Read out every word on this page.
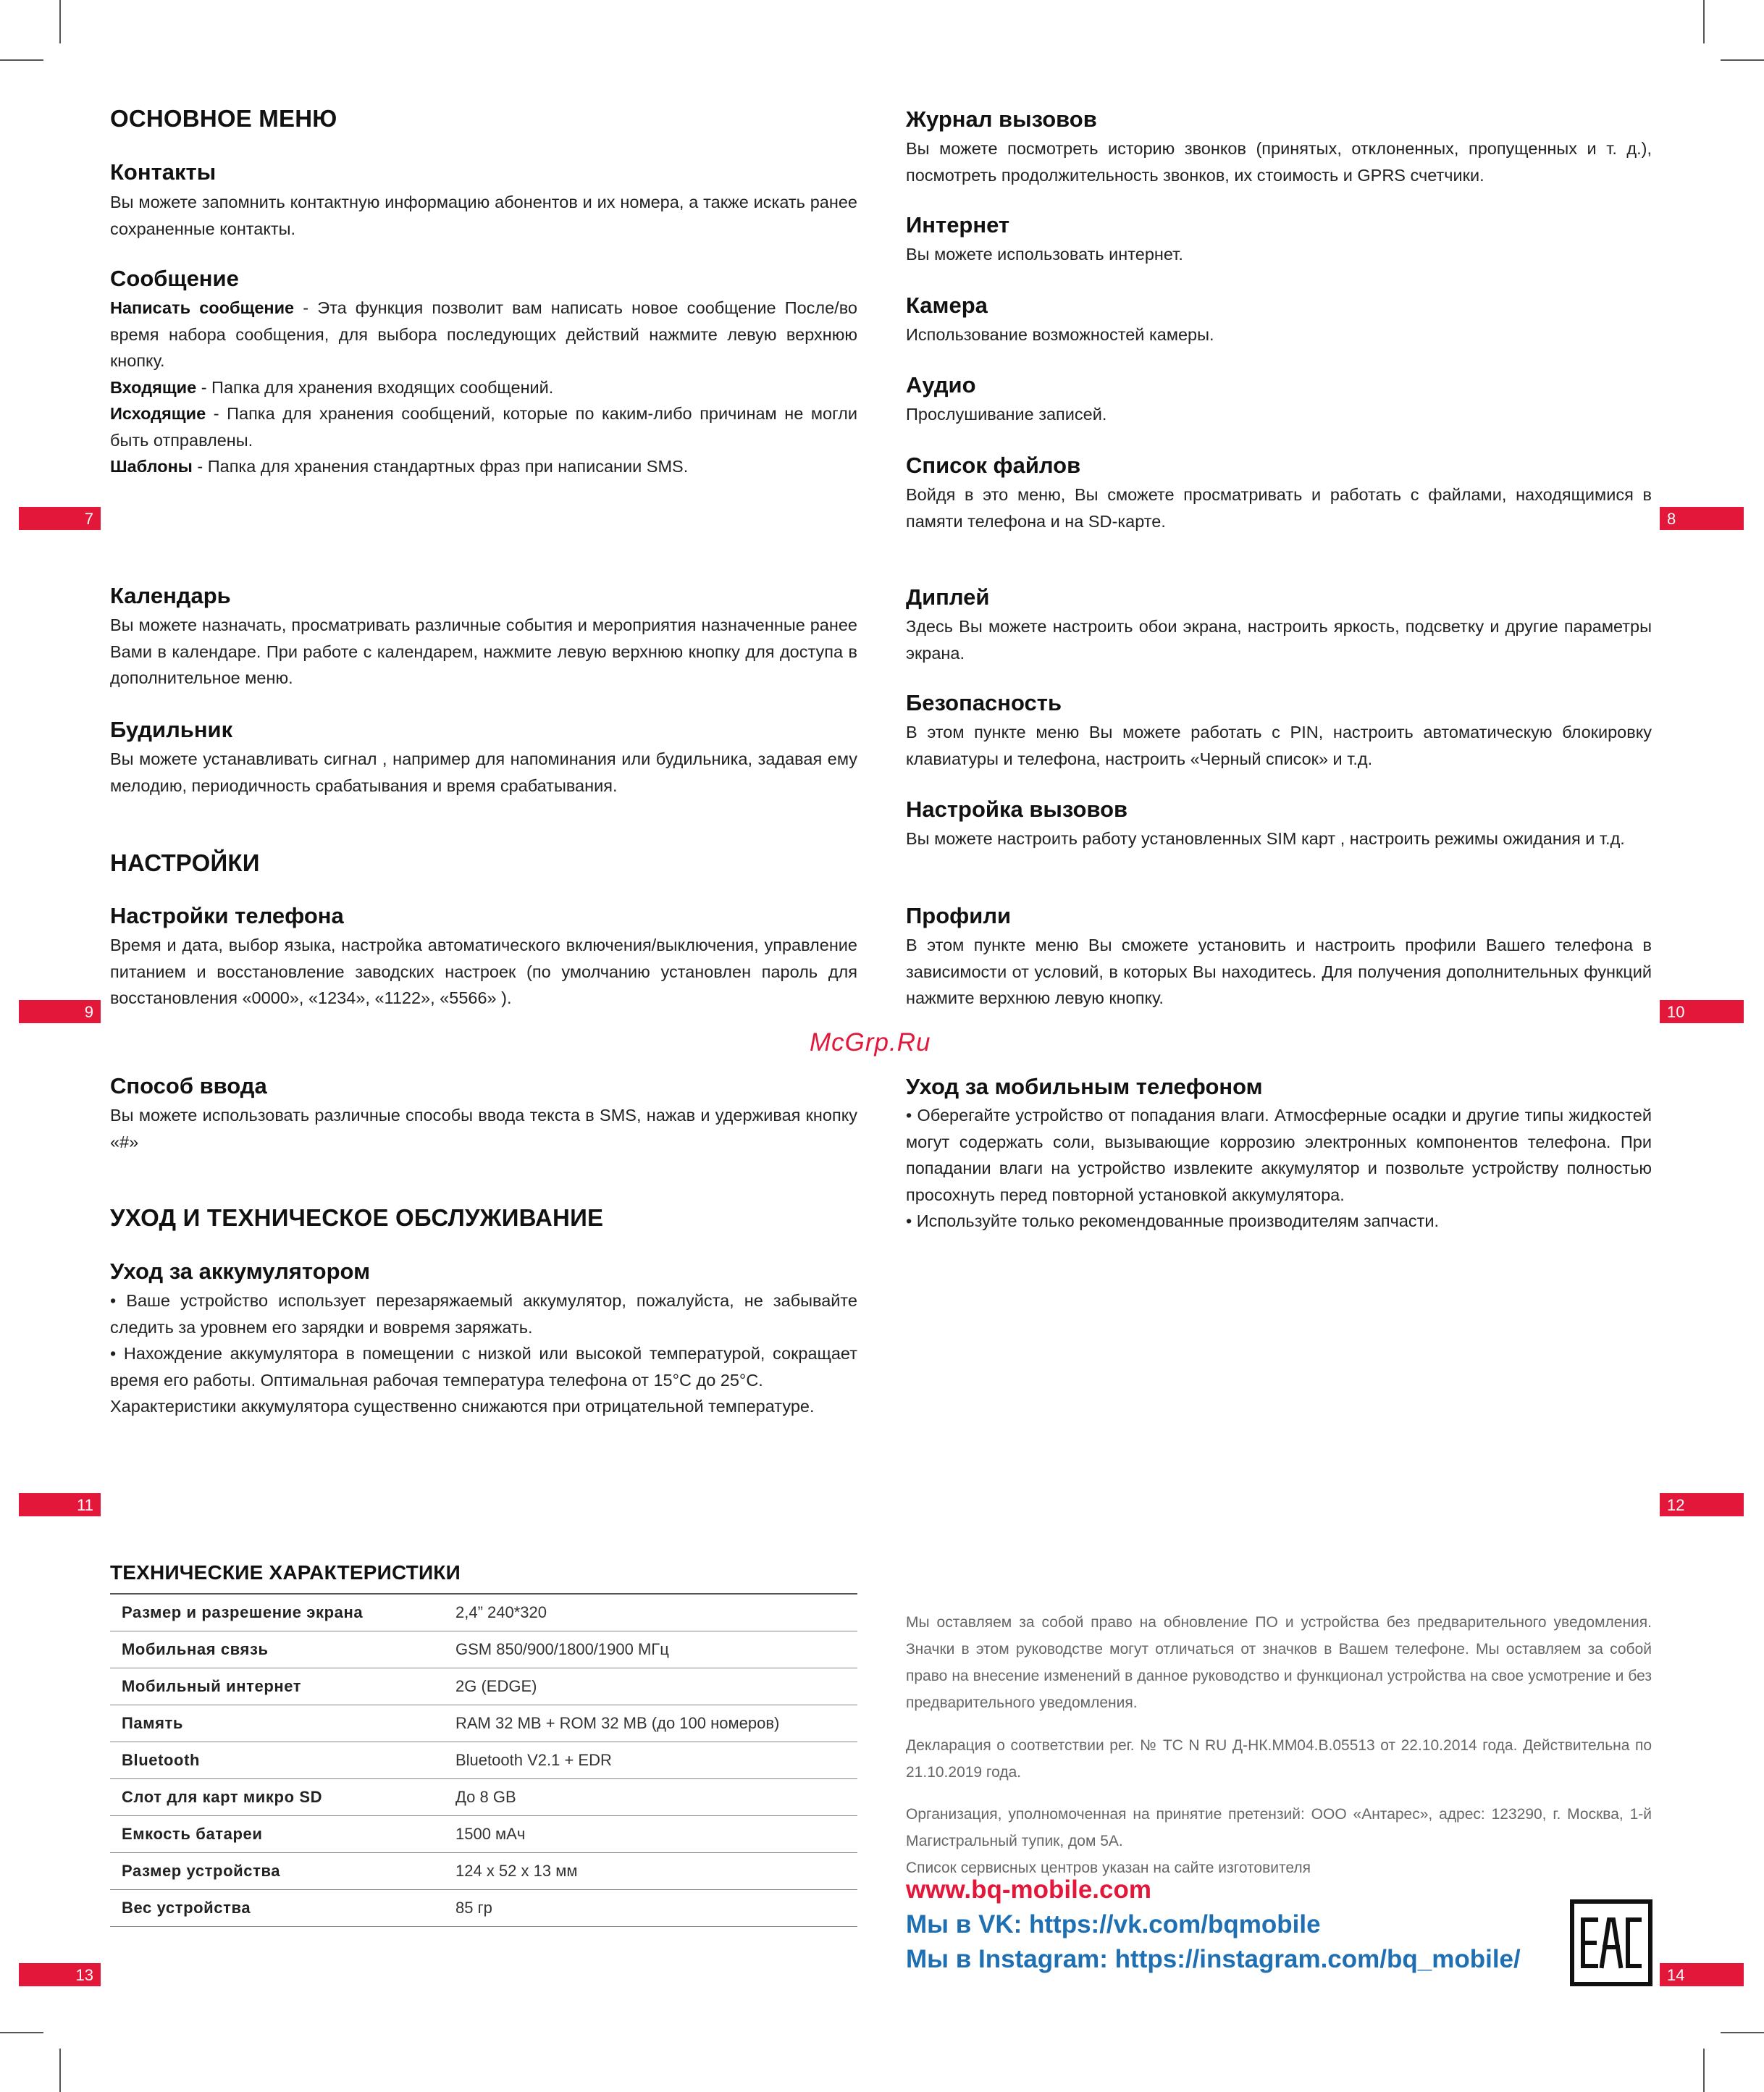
7	8
9	10
11	12
13	14
ОСНОВНОЕ МЕНЮ
Контакты
Вы можете запомнить контактную информацию абонентов и их номера, а также искать ранее сохраненные контакты.
Сообщение
Написать сообщение - Эта функция позволит вам написать новое сообщение После/во время набора сообщения, для выбора последующих действий нажмите левую верхнюю кнопку.
Входящие - Папка для хранения входящих сообщений.
Исходящие - Папка для хранения сообщений, которые по каким-либо причинам не могли быть отправлены.
Шаблоны - Папка для хранения стандартных фраз при написании SMS.
Журнал вызовов
Вы можете посмотреть историю звонков (принятых, отклоненных, пропущенных и т. д.), посмотреть продолжительность звонков, их стоимость и GPRS счетчики.
Интернет
Вы можете использовать интернет.
Камера
Использование возможностей камеры.
Аудио
Прослушивание записей.
Список файлов
Войдя в это меню, Вы сможете просматривать и работать с файлами, находящимися в памяти телефона и на SD-карте.
Календарь
Вы можете назначать, просматривать различные события и мероприятия назначенные ранее Вами в календаре. При работе с календарем, нажмите левую верхнюю кнопку для доступа в дополнительное меню.
Будильник
Вы можете устанавливать сигнал , например для напоминания или будильника, задавая ему мелодию, периодичность срабатывания и время срабатывания.
НАСТРОЙКИ
Настройки телефона
Время и дата, выбор языка, настройка автоматического включения/выключения, управление питанием и восстановление заводских настроек (по умолчанию установлен пароль для восстановления «0000», «1234», «1122», «5566» ).
Диплей
Здесь Вы можете настроить обои экрана, настроить яркость, подсветку и другие параметры экрана.
Безопасность
В этом пункте меню Вы можете работать с PIN, настроить автоматическую блокировку клавиатуры и телефона, настроить «Черный список» и т.д.
Настройка вызовов
Вы можете настроить работу установленных SIM карт , настроить режимы ожидания и т.д.
Профили
В этом пункте меню Вы сможете установить и настроить профили Вашего телефона в зависимости от условий, в которых Вы находитесь. Для получения дополнительных функций нажмите верхнюю левую кнопку.
McGrp.Ru
Способ ввода
Вы можете использовать различные способы ввода текста в SMS, нажав и удерживая кнопку «#»
УХОД И ТЕХНИЧЕСКОЕ ОБСЛУЖИВАНИЕ
Уход за аккумулятором
• Ваше устройство использует перезаряжаемый аккумулятор, пожалуйста, не забывайте следить за уровнем его зарядки и вовремя заряжать.
• Нахождение аккумулятора в помещении с низкой или высокой температурой, сокращает время его работы. Оптимальная рабочая температура телефона от 15°С до 25°С.
Характеристики аккумулятора существенно снижаются при отрицательной температуре.
Уход за мобильным телефоном
• Оберегайте устройство от попадания влаги. Атмосферные осадки и другие типы жидкостей могут содержать соли, вызывающие коррозию электронных компонентов телефона. При попадании влаги на устройство извлеките аккумулятор и позвольте устройству полностью просохнуть перед повторной установкой аккумулятора.
• Используйте только рекомендованные производителям запчасти.
ТЕХНИЧЕСКИЕ ХАРАКТЕРИСТИКИ
Размер и разрешение экрана	2,4” 240*320
Мобильная связь	GSM 850/900/1800/1900 МГц
Мобильный интернет	2G (EDGE)
Память	RAM 32 MB + ROM 32 MB (до 100 номеров)
Bluetooth	Bluetooth V2.1 + EDR
Слот для карт микро SD	До 8 GB
Емкость батареи	1500 мАч
Размер устройства	124 х 52 х 13 мм
Вес устройства	85 гр
Мы оставляем за собой право на обновление ПО и устройства без предварительного уведомления. Значки в этом руководстве могут отличаться от значков в Вашем телефоне. Мы оставляем за собой право на внесение изменений в данное руководство и функционал устройства на свое усмотрение и без предварительного уведомления.
Декларация о соответствии рег. № ТС N RU Д-НК.ММ04.В.05513 от 22.10.2014 года. Действительна по 21.10.2019 года.
Организация, уполномоченная на принятие претензий: ООО «Антарес», адрес: 123290, г. Москва, 1-й Магистральный тупик, дом 5А.
Список сервисных центров указан на сайте изготовителя
www.bq-mobile.com
Мы в VK: https://vk.com/bqmobile
Мы в Instagram: https://instagram.com/bq_mobile/
